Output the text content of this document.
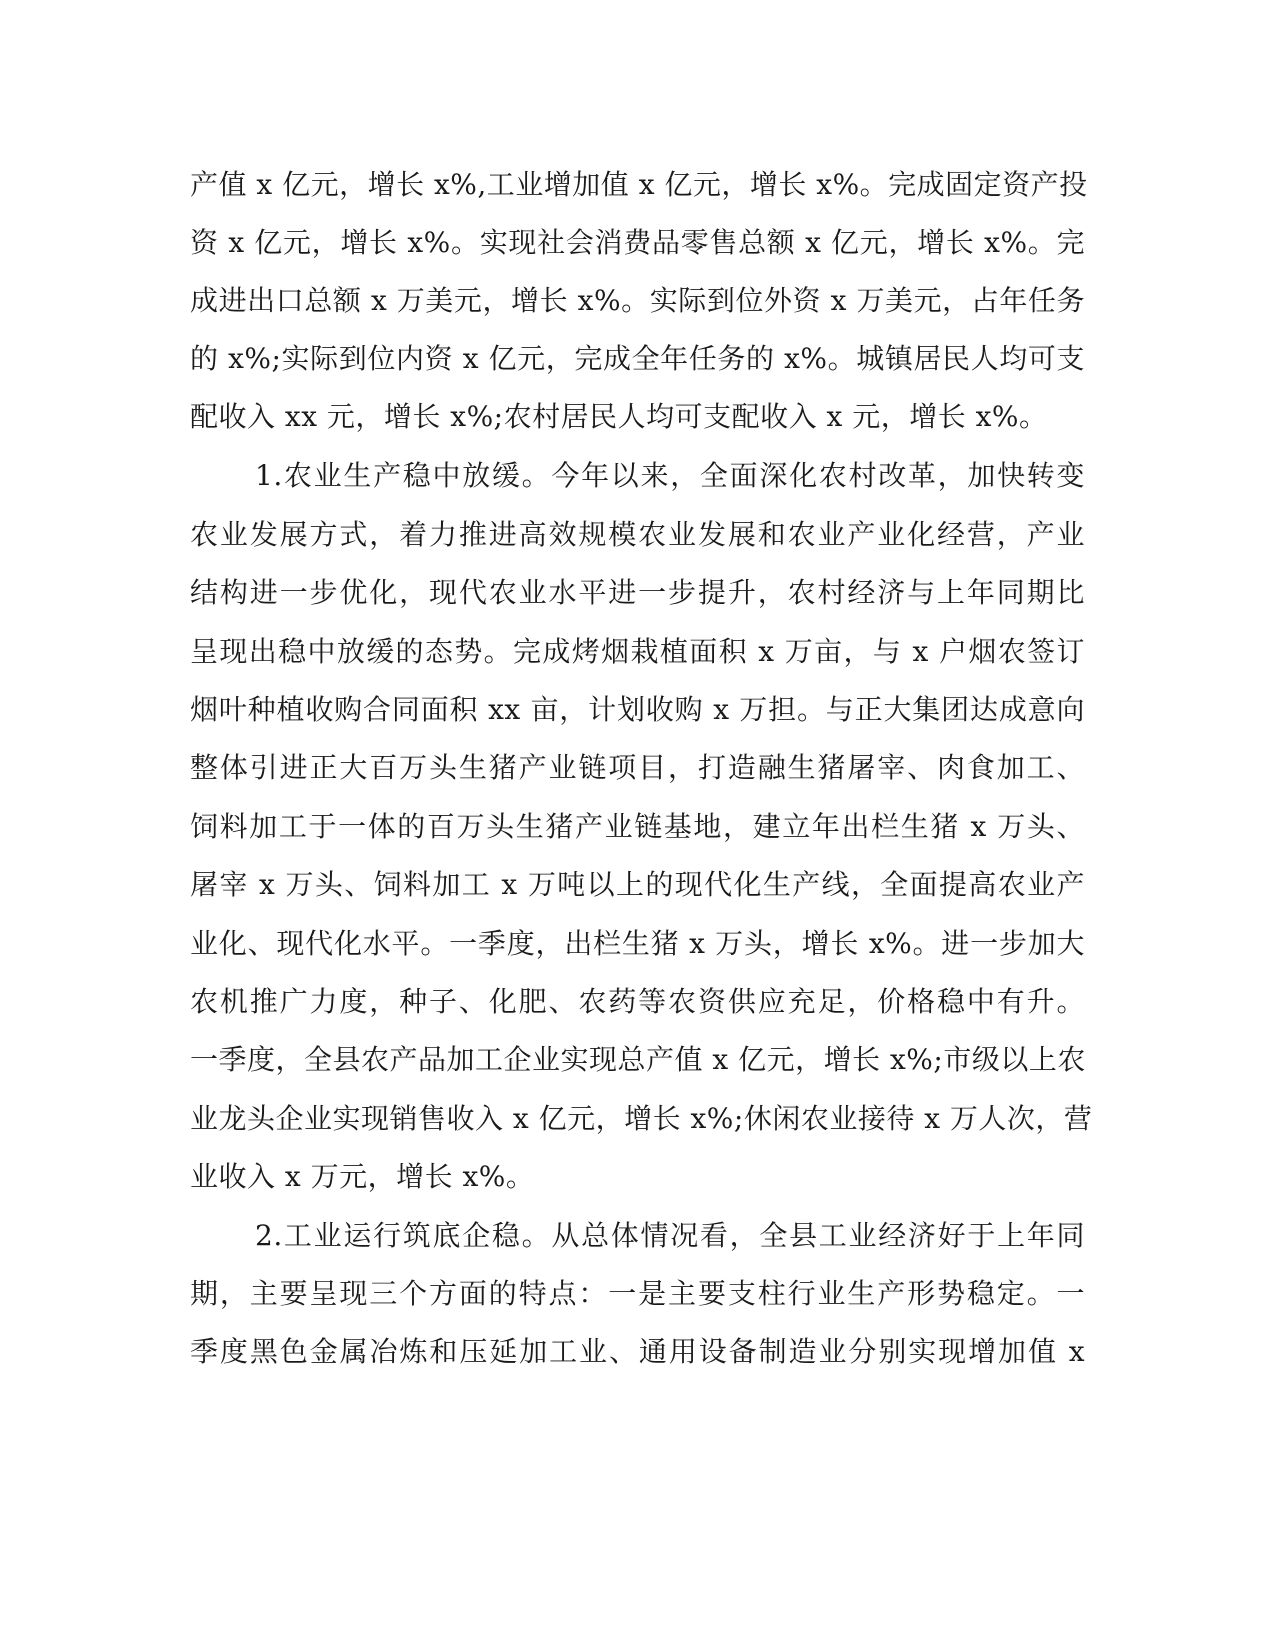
产值 x 亿元，增长 x%,工业增加值 x 亿元，增长 x%。完成固定资产投
资 x 亿元，增长 x%。实现社会消费品零售总额 x 亿元，增长 x%。完
成进出口总额 x 万美元，增长 x%。实际到位外资 x 万美元，占年任务
的 x%;实际到位内资 x 亿元，完成全年任务的 x%。城镇居民人均可支
配收入 xx 元，增长 x%;农村居民人均可支配收入 x 元，增长 x%。
1.农业生产稳中放缓。今年以来，全面深化农村改革，加快转变
农业发展方式，着力推进高效规模农业发展和农业产业化经营，产业
结构进一步优化，现代农业水平进一步提升，农村经济与上年同期比
呈现出稳中放缓的态势。完成烤烟栽植面积 x 万亩，与 x 户烟农签订
烟叶种植收购合同面积 xx 亩，计划收购 x 万担。与正大集团达成意向
整体引进正大百万头生猪产业链项目，打造融生猪屠宰、肉食加工、
饲料加工于一体的百万头生猪产业链基地，建立年出栏生猪 x 万头、
屠宰 x 万头、饲料加工 x 万吨以上的现代化生产线，全面提高农业产
业化、现代化水平。一季度，出栏生猪 x 万头，增长 x%。进一步加大
农机推广力度，种子、化肥、农药等农资供应充足，价格稳中有升。
一季度，全县农产品加工企业实现总产值 x 亿元，增长 x%;市级以上农
业龙头企业实现销售收入 x 亿元，增长 x%;休闲农业接待 x 万人次，营
业收入 x 万元，增长 x%。
2.工业运行筑底企稳。从总体情况看，全县工业经济好于上年同
期，主要呈现三个方面的特点：一是主要支柱行业生产形势稳定。一
季度黑色金属冶炼和压延加工业、通用设备制造业分别实现增加值 x
